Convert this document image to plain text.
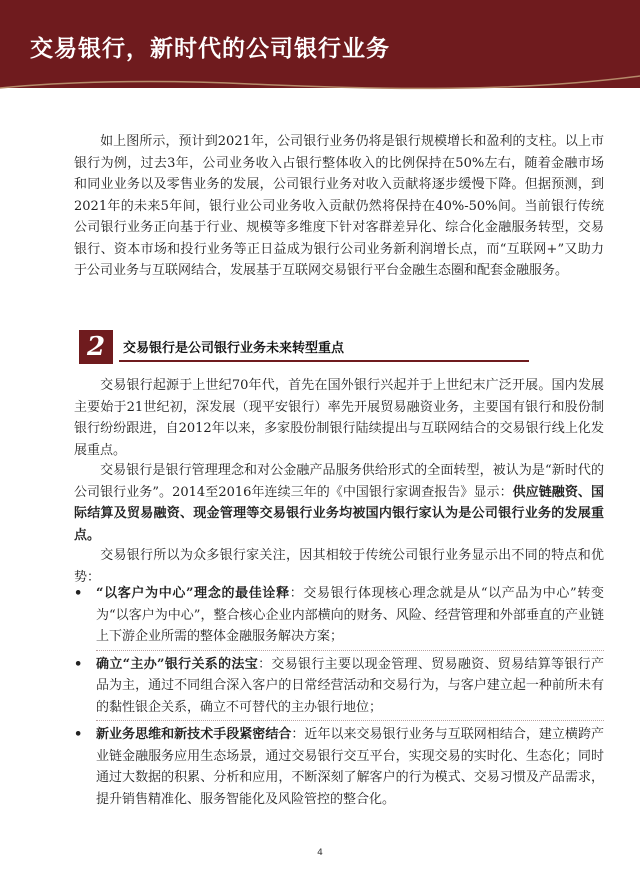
交易银行，新时代的公司银行业务

如上图所示，预计到2021年，公司银行业务仍将是银行规模增长和盈利的支柱。以上市银行为例，过去3年，公司业务收入占银行整体收入的比例保持在50%左右，随着金融市场和同业业务以及零售业务的发展，公司银行业务对收入贡献将逐步缓慢下降。但据预测，到2021年的未来5年间，银行业公司业务收入贡献仍然将保持在40%-50%间。当前银行传统公司银行业务正向基于行业、规模等多维度下针对客群差异化、综合化金融服务转型，交易银行、资本市场和投行业务等正日益成为银行公司业务新利润增长点，而“互联网+”又助力于公司业务与互联网结合，发展基于互联网交易银行平台金融生态圈和配套金融服务。

2	交易银行是公司银行业务未来转型重点

交易银行起源于上世纪70年代，首先在国外银行兴起并于上世纪末广泛开展。国内发展主要始于21世纪初，深发展（现平安银行）率先开展贸易融资业务，主要国有银行和股份制银行纷纷跟进，自2012年以来，多家股份制银行陆续提出与互联网结合的交易银行线上化发展重点。

交易银行是银行管理理念和对公金融产品服务供给形式的全面转型，被认为是“新时代的公司银行业务”。2014至2016年连续三年的《中国银行家调查报告》显示：供应链融资、国际结算及贸易融资、现金管理等交易银行业务均被国内银行家认为是公司银行业务的发展重点。

交易银行所以为众多银行家关注，因其相较于传统公司银行业务显示出不同的特点和优势：

• “以客户为中心”理念的最佳诠释：交易银行体现核心理念就是从“以产品为中心”转变为“以客户为中心”，整合核心企业内部横向的财务、风险、经营管理和外部垂直的产业链上下游企业所需的整体金融服务解决方案；
• 确立“主办”银行关系的法宝：交易银行主要以现金管理、贸易融资、贸易结算等银行产品为主，通过不同组合深入客户的日常经营活动和交易行为，与客户建立起一种前所未有的黏性银企关系，确立不可替代的主办银行地位；
• 新业务思维和新技术手段紧密结合：近年以来交易银行业务与互联网相结合，建立横跨产业链金融服务应用生态场景，通过交易银行交互平台，实现交易的实时化、生态化；同时通过大数据的积累、分析和应用，不断深刻了解客户的行为模式、交易习惯及产品需求，提升销售精准化、服务智能化及风险管控的整合化。
4
